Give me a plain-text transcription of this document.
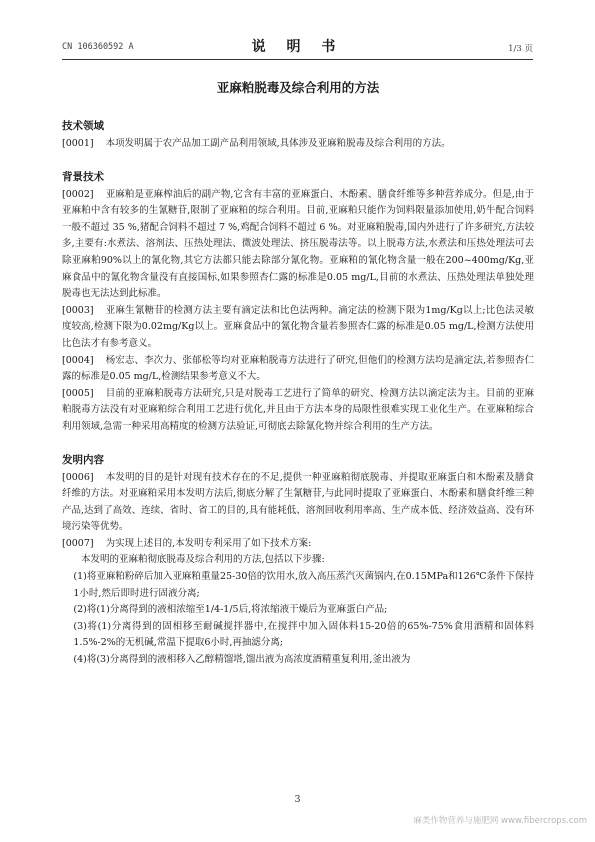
CN 106360592 A	说 明 书	1/3 页
亚麻粕脱毒及综合利用的方法
技术领域

[0001] 本项发明属于农产品加工副产品利用领域,具体涉及亚麻粕脱毒及综合利用的方法。

背景技术

[0002] 亚麻粕是亚麻榨油后的副产物,它含有丰富的亚麻蛋白、木酚素、膳食纤维等多种营养成分。但是,由于亚麻粕中含有较多的生氰糖苷,限制了亚麻粕的综合利用。目前,亚麻粕只能作为饲料限量添加使用,奶牛配合饲料一般不超过 35 %,猪配合饲料不超过 7 %,鸡配合饲料不超过 6 %。对亚麻粕脱毒,国内外进行了许多研究,方法较多,主要有:水煮法、溶剂法、压热处理法、微波处理法、挤压脱毒法等。以上脱毒方法,水煮法和压热处理法可去除亚麻粕90%以上的氰化物,其它方法都只能去除部分氰化物。亚麻粕的氰化物含量一般在200~400mg/Kg,亚麻食品中的氰化物含量没有直接国标,如果参照杏仁露的标准是0.05 mg/L,目前的水煮法、压热处理法单独处理脱毒也无法达到此标准。

[0003] 亚麻生氰糖苷的检测方法主要有滴定法和比色法两种。滴定法的检测下限为1mg/Kg以上;比色法灵敏度较高,检测下限为0.02mg/Kg以上。亚麻食品中的氰化物含量若参照杏仁露的标准是0.05 mg/L,检测方法使用比色法才有参考意义。

[0004] 杨宏志、李次力、张郁松等均对亚麻粕脱毒方法进行了研究,但他们的检测方法均是滴定法,若参照杏仁露的标准是0.05 mg/L,检测结果参考意义不大。

[0005] 目前的亚麻粕脱毒方法研究,只是对脱毒工艺进行了简单的研究、检测方法以滴定法为主。目前的亚麻粕脱毒方法没有对亚麻粕综合利用工艺进行优化,并且由于方法本身的局限性很难实现工业化生产。在亚麻粕综合利用领域,急需一种采用高精度的检测方法验证,可彻底去除氰化物并综合利用的生产方法。

发明内容

[0006] 本发明的目的是针对现有技术存在的不足,提供一种亚麻粕彻底脱毒、并提取亚麻蛋白和木酚素及膳食纤维的方法。对亚麻粕采用本发明方法后,彻底分解了生氰糖苷,与此同时提取了亚麻蛋白、木酚素和膳食纤维三种产品,达到了高效、连续、省时、省工的目的,具有能耗低、溶剂回收利用率高、生产成本低、经济效益高、没有环境污染等优势。

[0007] 为实现上述目的,本发明专利采用了如下技术方案:

本发明的亚麻粕彻底脱毒及综合利用的方法,包括以下步骤:

(1)将亚麻粕粉碎后加入亚麻粕重量25-30倍的饮用水,放入高压蒸汽灭菌锅内,在0.15MPa和126℃条件下保持1小时,然后即时进行固液分离;

(2)将(1)分离得到的液相浓缩至1/4-1/5后,将浓缩液干燥后为亚麻蛋白产品;

(3)将(1)分离得到的固相移至耐碱搅拌器中,在搅拌中加入固体料15-20倍的65%-75%食用酒精和固体料1.5%-2%的无机碱,常温下提取6小时,再抽滤分离;

(4)将(3)分离得到的液相移入乙醇精馏塔,馏出液为高浓度酒精重复利用,釜出液为

3
麻类作物营养与施肥网 www.fibercrops.com
